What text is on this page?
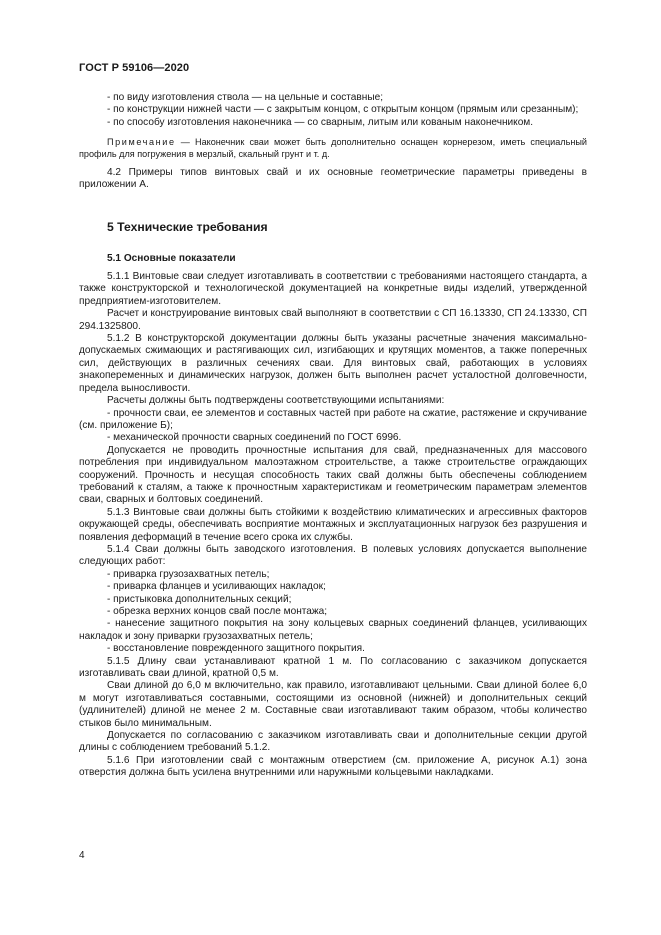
ГОСТ Р 59106—2020

- по виду изготовления ствола — на цельные и составные;

- по конструкции нижней части — с закрытым концом, с открытым концом (прямым или срезанным);

- по способу изготовления наконечника — со сварным, литым или кованым наконечником.

Примечание — Наконечник сваи может быть дополнительно оснащен корнерезом, иметь специальный профиль для погружения в мерзлый, скальный грунт и т. д.

4.2 Примеры типов винтовых свай и их основные геометрические параметры приведены в приложении А.

5 Технические требования
5.1 Основные показатели

5.1.1 Винтовые сваи следует изготавливать в соответствии с требованиями настоящего стандарта, а также конструкторской и технологической документацией на конкретные виды изделий, утвержденной предприятием-изготовителем.

Расчет и конструирование винтовых свай выполняют в соответствии с СП 16.13330, СП 24.13330, СП 294.1325800.

5.1.2 В конструкторской документации должны быть указаны расчетные значения максимально-допускаемых сжимающих и растягивающих сил, изгибающих и крутящих моментов, а также поперечных сил, действующих в различных сечениях сваи. Для винтовых свай, работающих в условиях знакопеременных и динамических нагрузок, должен быть выполнен расчет усталостной долговечности, предела выносливости.

Расчеты должны быть подтверждены соответствующими испытаниями:

- прочности сваи, ее элементов и составных частей при работе на сжатие, растяжение и скручивание (см. приложение Б);

- механической прочности сварных соединений по ГОСТ 6996.

Допускается не проводить прочностные испытания для свай, предназначенных для массового потребления при индивидуальном малоэтажном строительстве, а также строительстве ограждающих сооружений. Прочность и несущая способность таких свай должны быть обеспечены соблюдением требований к сталям, а также к прочностным характеристикам и геометрическим параметрам элементов сваи, сварных и болтовых соединений.

5.1.3 Винтовые сваи должны быть стойкими к воздействию климатических и агрессивных факторов окружающей среды, обеспечивать восприятие монтажных и эксплуатационных нагрузок без разрушения и появления деформаций в течение всего срока их службы.

5.1.4 Сваи должны быть заводского изготовления. В полевых условиях допускается выполнение следующих работ:

- приварка грузозахватных петель;

- приварка фланцев и усиливающих накладок;

- пристыковка дополнительных секций;

- обрезка верхних концов свай после монтажа;

- нанесение защитного покрытия на зону кольцевых сварных соединений фланцев, усиливающих накладок и зону приварки грузозахватных петель;

- восстановление поврежденного защитного покрытия.

5.1.5 Длину сваи устанавливают кратной 1 м. По согласованию с заказчиком допускается изготавливать сваи длиной, кратной 0,5 м.

Сваи длиной до 6,0 м включительно, как правило, изготавливают цельными. Сваи длиной более 6,0 м могут изготавливаться составными, состоящими из основной (нижней) и дополнительных секций (удлинителей) длиной не менее 2 м. Составные сваи изготавливают таким образом, чтобы количество стыков было минимальным.

Допускается по согласованию с заказчиком изготавливать сваи и дополнительные секции другой длины с соблюдением требований 5.1.2.

5.1.6 При изготовлении свай с монтажным отверстием (см. приложение А, рисунок А.1) зона отверстия должна быть усилена внутренними или наружными кольцевыми накладками.

4
